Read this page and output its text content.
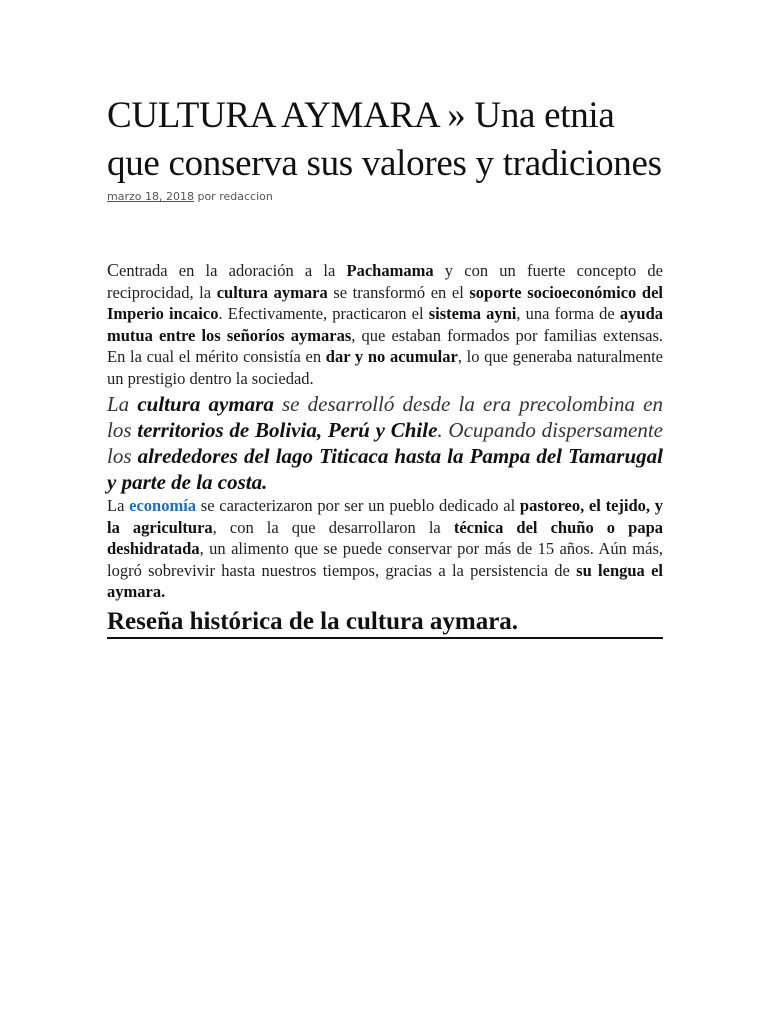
CULTURA AYMARA » Una etnia que conserva sus valores y tradiciones
marzo 18, 2018 por redaccion

Centrada en la adoración a la Pachamama y con un fuerte concepto de reciprocidad, la cultura aymara se transformó en el soporte socioeconómico del Imperio incaico. Efectivamente, practicaron el sistema ayni, una forma de ayuda mutua entre los señoríos aymaras, que estaban formados por familias extensas. En la cual el mérito consistía en dar y no acumular, lo que generaba naturalmente un prestigio dentro la sociedad.

La cultura aymara se desarrolló desde la era precolombina en los territorios de Bolivia, Perú y Chile. Ocupando dispersamente los alrededores del lago Titicaca hasta la Pampa del Tamarugal y parte de la costa.

La economía se caracterizaron por ser un pueblo dedicado al pastoreo, el tejido, y la agricultura, con la que desarrollaron la técnica del chuño o papa deshidratada, un alimento que se puede conservar por más de 15 años. Aún más, logró sobrevivir hasta nuestros tiempos, gracias a la persistencia de su lengua el aymara.

Reseña histórica de la cultura aymara.
